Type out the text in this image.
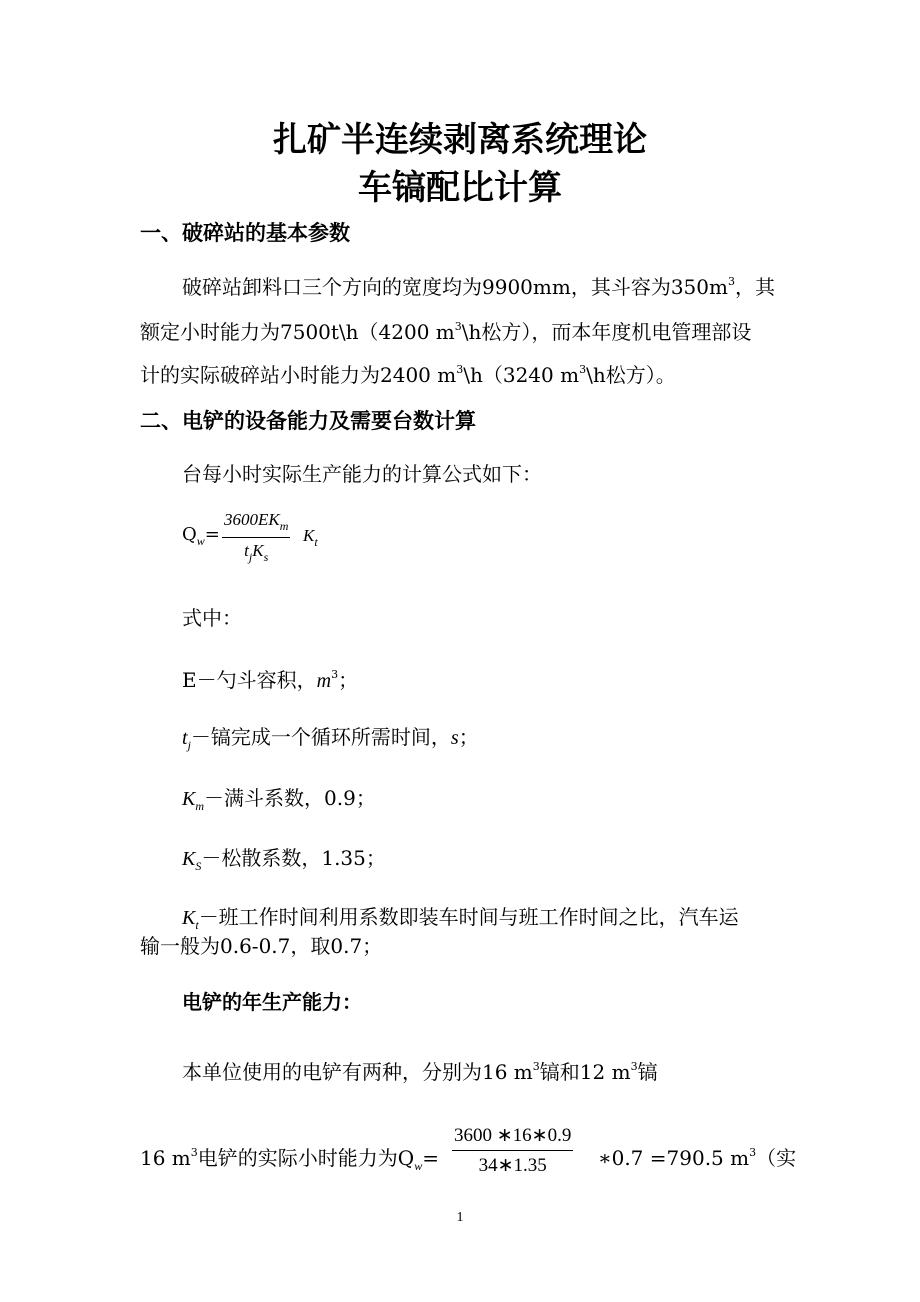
扎矿半连续剥离系统理论
车镐配比计算
一、破碎站的基本参数
破碎站卸料口三个方向的宽度均为9900mm，其斗容为$350m^3$，其
额定小时能力为7500t\h（4200 $m^3\backslash h$松方），而本年度机电管理部设
计的实际破碎站小时能力为2400 $m^3\backslash h(3240$ $m^3\backslash h$松方）。
二、电铲的设备能力及需要台数计算
台每小时实际生产能力的计算公式如下：
$Q_w=$
$3600EK_m$
$t_jK_s$
$K_t$
式中：
E－勺斗容积，$m^3$；
$t_j-$镐完成一个循环所需时间，s；
$K_m-$满斗系数，0.9；
$K_S-$松散系数，1.35；
$K_t-$班工作时间利用系数即装车时间与班工作时间之比，汽车运
输一般为0.6-0.7，取0.7；
电铲的年生产能力：
本单位使用的电铲有两种，分别为16 $m^3$镐和12 $m^3$镐
16 $m^3$电铲的实际小时能力为$Q_w= \frac{3600 ∗16∗0.9}{34∗1.35}$ ∗0.7 =790.5 $m^3$（实
1
